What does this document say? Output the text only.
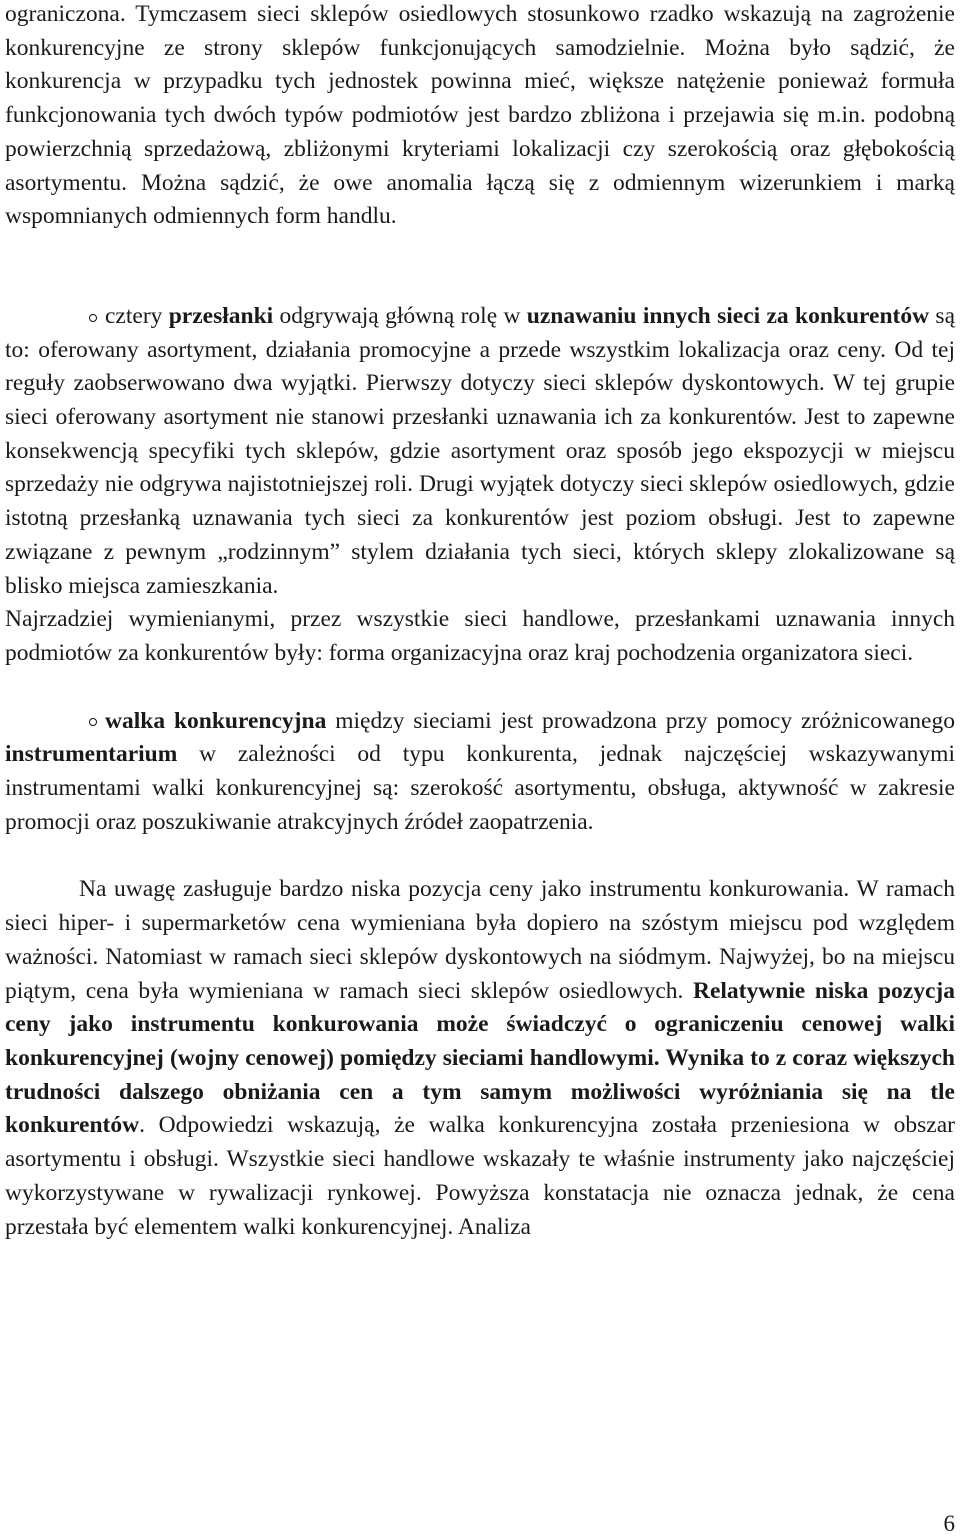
ograniczona. Tymczasem sieci sklepów osiedlowych stosunkowo rzadko wskazują na zagrożenie konkurencyjne ze strony sklepów funkcjonujących samodzielnie. Można było sądzić, że konkurencja w przypadku tych jednostek powinna mieć, większe natężenie ponieważ formuła funkcjonowania tych dwóch typów podmiotów jest bardzo zbliżona i przejawia się m.in. podobną powierzchnią sprzedażową, zbliżonymi kryteriami lokalizacji czy szerokością oraz głębokością asortymentu. Można sądzić, że owe anomalia łączą się z odmiennym wizerunkiem i marką wspomnianych odmiennych form handlu.

cztery przesłanki odgrywają główną rolę w uznawaniu innych sieci za konkurentów są to: oferowany asortyment, działania promocyjne a przede wszystkim lokalizacja oraz ceny. Od tej reguły zaobserwowano dwa wyjątki. Pierwszy dotyczy sieci sklepów dyskontowych. W tej grupie sieci oferowany asortyment nie stanowi przesłanki uznawania ich za konkurentów. Jest to zapewne konsekwencją specyfiki tych sklepów, gdzie asortyment oraz sposób jego ekspozycji w miejscu sprzedaży nie odgrywa najistotniejszej roli. Drugi wyjątek dotyczy sieci sklepów osiedlowych, gdzie istotną przesłanką uznawania tych sieci za konkurentów jest poziom obsługi. Jest to zapewne związane z pewnym „rodzinnym” stylem działania tych sieci, których sklepy zlokalizowane są blisko miejsca zamieszkania.

Najrzadziej wymienianymi, przez wszystkie sieci handlowe, przesłankami uznawania innych podmiotów za konkurentów były: forma organizacyjna oraz kraj pochodzenia organizatora sieci.

walka konkurencyjna między sieciami jest prowadzona przy pomocy zróżnicowanego instrumentarium w zależności od typu konkurenta, jednak najczęściej wskazywanymi instrumentami walki konkurencyjnej są: szerokość asortymentu, obsługa, aktywność w zakresie promocji oraz poszukiwanie atrakcyjnych źródeł zaopatrzenia.

Na uwagę zasługuje bardzo niska pozycja ceny jako instrumentu konkurowania. W ramach sieci hiper- i supermarketów cena wymieniana była dopiero na szóstym miejscu pod względem ważności. Natomiast w ramach sieci sklepów dyskontowych na siódmym. Najwyżej, bo na miejscu piątym, cena była wymieniana w ramach sieci sklepów osiedlowych. Relatywnie niska pozycja ceny jako instrumentu konkurowania może świadczyć o ograniczeniu cenowej walki konkurencyjnej (wojny cenowej) pomiędzy sieciami handlowymi. Wynika to z coraz większych trudności dalszego obniżania cen a tym samym możliwości wyróżniania się na tle konkurentów. Odpowiedzi wskazują, że walka konkurencyjna została przeniesiona w obszar asortymentu i obsługi. Wszystkie sieci handlowe wskazały te właśnie instrumenty jako najczęściej wykorzystywane w rywalizacji rynkowej. Powyższa konstatacja nie oznacza jednak, że cena przestała być elementem walki konkurencyjnej. Analiza

6
